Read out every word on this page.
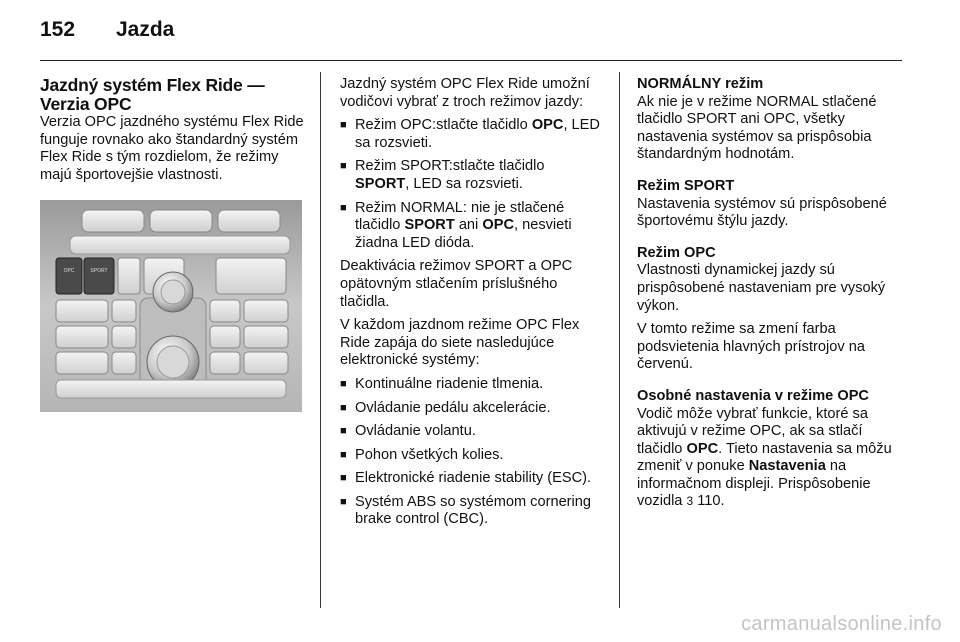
152	Jazda
Jazdný systém Flex Ride —
Verzia OPC

Verzia OPC jazdného systému Flex Ride funguje rovnako ako štandardný systém Flex Ride s tým rozdielom, že režimy majú športovejšie vlastnosti.

OPC	SPORT

Jazdný systém OPC Flex Ride umožní vodičovi vybrať z troch režimov jazdy:

■ Režim OPC:stlačte tlačidlo OPC, LED sa rozsvieti.
■ Režim SPORT:stlačte tlačidlo SPORT, LED sa rozsvieti.
■ Režim NORMAL: nie je stlačené tlačidlo SPORT ani OPC, nesvieti žiadna LED dióda.

Deaktivácia režimov SPORT a OPC opätovným stlačením príslušného tlačidla.

V každom jazdnom režime OPC Flex Ride zapája do siete nasledujúce elektronické systémy:

■ Kontinuálne riadenie tlmenia.
■ Ovládanie pedálu akcelerácie.
■ Ovládanie volantu.
■ Pohon všetkých kolies.
■ Elektronické riadenie stability (ESC).
■ Systém ABS so systémom cornering brake control (CBC).

NORMÁLNY režim

Ak nie je v režime NORMAL stlačené tlačidlo SPORT ani OPC, všetky nastavenia systémov sa prispôsobia štandardným hodnotám.

Režim SPORT

Nastavenia systémov sú prispôsobené športovému štýlu jazdy.

Režim OPC

Vlastnosti dynamickej jazdy sú prispôsobené nastaveniam pre vysoký výkon.

V tomto režime sa zmení farba podsvietenia hlavných prístrojov na červenú.

Osobné nastavenia v režime OPC

Vodič môže vybrať funkcie, ktoré sa aktivujú v režime OPC, ak sa stlačí tlačidlo OPC. Tieto nastavenia sa môžu zmeniť v ponuke Nastavenia na informačnom displeji. Prispôsobenie vozidla 3 110.

carmanualsonline.info
